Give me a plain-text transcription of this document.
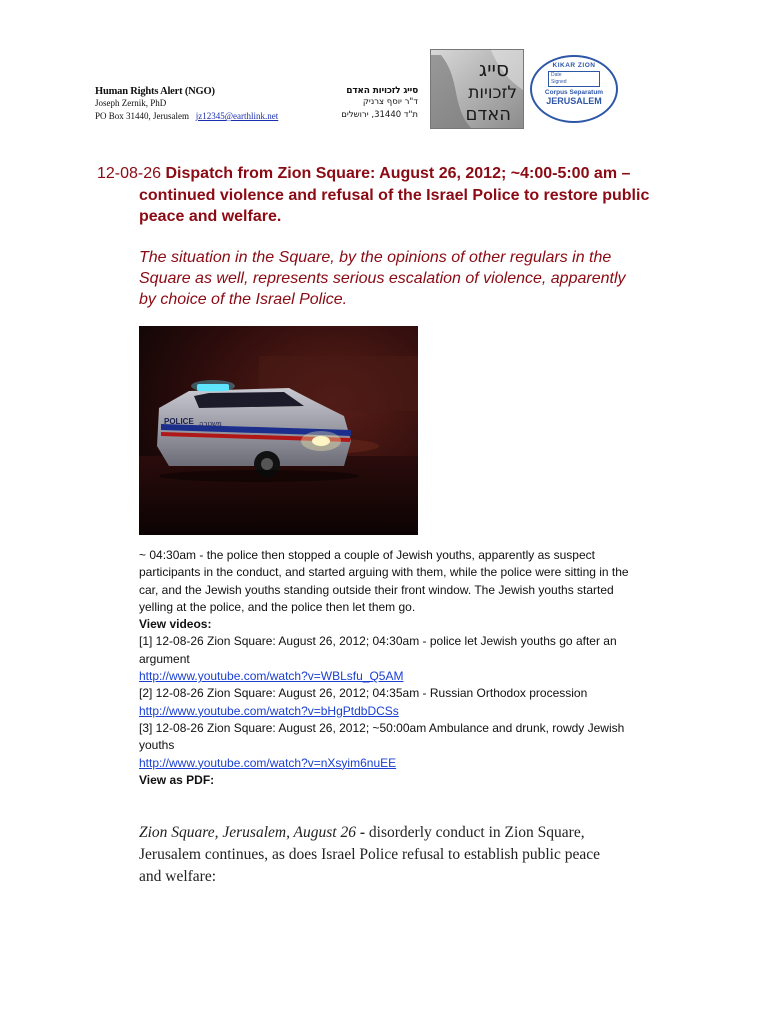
Human Rights Alert (NGO)
Joseph Zernik, PhD
PO Box 31440, Jerusalem jz12345@earthlink.net
סייג לזכויות האדם
ד"ר יוסף צרניק
ת"ד 31440, ירושלים
סייג
לזכויות
האדם
KIKAR ZION
Date
Signed
Corpus Separatum
JERUSALEM
12-08-26 Dispatch from Zion Square: August 26, 2012; ~4:00-5:00 am –
continued violence and refusal of the Israel Police to restore public peace and welfare.
The situation in the Square, by the opinions of other regulars in the Square as well, represents serious escalation of violence, apparently by choice of the Israel Police.
POLICE משטרה

~ 04:30am - the police then stopped a couple of Jewish youths, apparently as suspect participants in the conduct, and started arguing with them, while the police were sitting in the car, and the Jewish youths standing outside their front window. The Jewish youths started yelling at the police, and the police then let them go.

View videos:

[1] 12-08-26 Zion Square: August 26, 2012; 04:30am - police let Jewish youths go after an argument

http://www.youtube.com/watch?v=WBLsfu_Q5AM

[2] 12-08-26 Zion Square: August 26, 2012; 04:35am - Russian Orthodox procession

http://www.youtube.com/watch?v=bHgPtdbDCSs

[3] 12-08-26 Zion Square: August 26, 2012; ~50:00am Ambulance and drunk, rowdy Jewish youths

http://www.youtube.com/watch?v=nXsyim6nuEE

View as PDF:

Zion Square, Jerusalem, August 26 - disorderly conduct in Zion Square, Jerusalem continues, as does Israel Police refusal to establish public peace and welfare:
